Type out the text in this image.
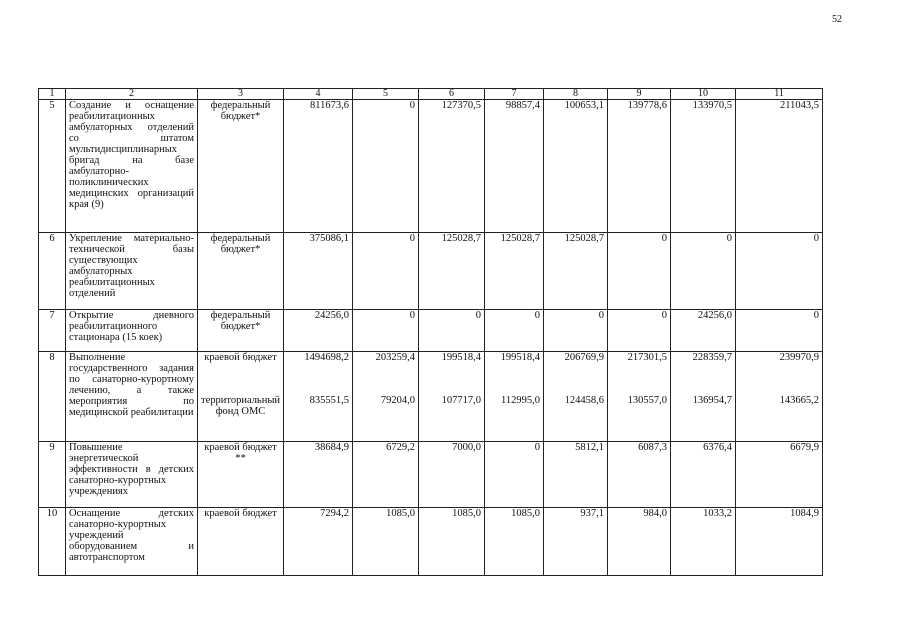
52
1	2	3	4	5	6	7	8	9	10	11
5	Создание и оснащение реабилитационных амбулаторных отделений со штатом мультидисциплинарных бригад на базе амбулаторно-поликлинических медицинских организаций края (9)	федеральный бюджет*	811673,6	0	127370,5	98857,4	100653,1	139778,6	133970,5	211043,5
6	Укрепление материально-технической базы существующих амбулаторных реабилитационных отделений	федеральный бюджет*	375086,1	0	125028,7	125028,7	125028,7	0	0	0
7	Открытие дневного реабилитационного стационара (15 коек)	федеральный бюджет*	24256,0	0	0	0	0	0	24256,0	0
8	Выполнение государственного задания по санаторно-курортному лечению, а также мероприятия по медицинской реабилитации	краевой бюджет	1494698,2	203259,4	199518,4	199518,4	206769,9	217301,5	228359,7	239970,9
		территориальный фонд ОМС	835551,5	79204,0	107717,0	112995,0	124458,6	130557,0	136954,7	143665,2
9	Повышение энергетической эффективности в детских санаторно-курортных учреждениях	краевой бюджет **	38684,9	6729,2	7000,0	0	5812,1	6087,3	6376,4	6679,9
10	Оснащение детских санаторно-курортных учреждений оборудованием и автотранспортом	краевой бюджет	7294,2	1085,0	1085,0	1085,0	937,1	984,0	1033,2	1084,9
